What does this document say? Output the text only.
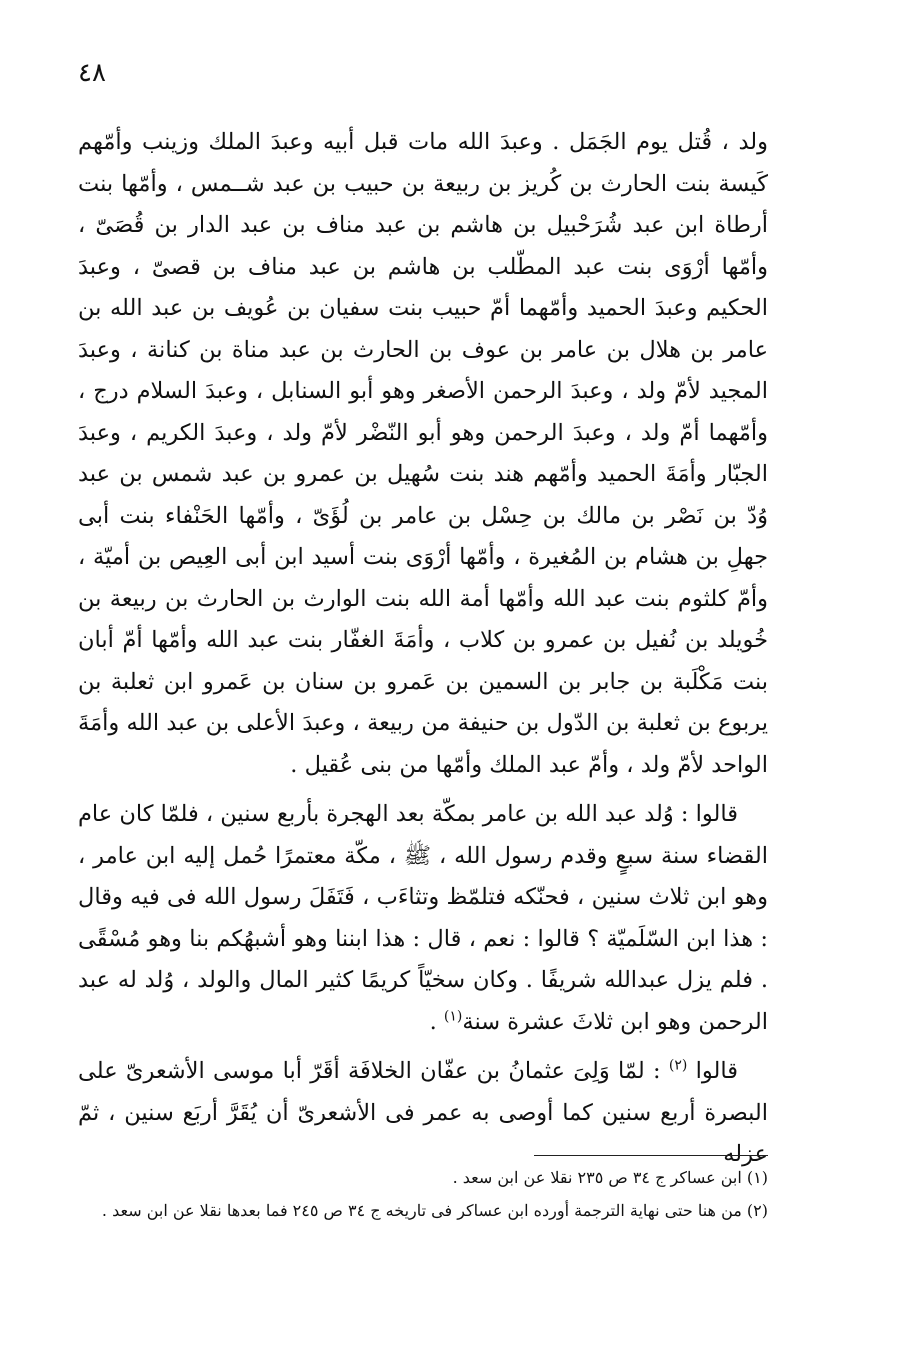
٤٨

ولد ، قُتل يوم الجَمَل . وعبدَ الله مات قبل أبيه وعبدَ الملك وزينب وأمّهم كَيسة بنت الحارث بن كُريز بن ربيعة بن حبيب بن عبد شــمس ، وأمّها بنت أرطاة ابن عبد شُرَحْبيل بن هاشم بن عبد مناف بن عبد الدار بن قُصَىّ ، وأمّها أرْوَى بنت عبد المطّلب بن هاشم بن عبد مناف بن قصىّ ، وعبدَ الحكيم وعبدَ الحميد وأمّهما أمّ حبيب بنت سفيان بن عُويف بن عبد الله بن عامر بن هلال بن عامر بن عوف بن الحارث بن عبد مناة بن كنانة ، وعبدَ المجيد لأمّ ولد ، وعبدَ الرحمن الأصغر وهو أبو السنابل ، وعبدَ السلام درج ، وأمّهما أمّ ولد ، وعبدَ الرحمن وهو أبو النّضْر لأمّ ولد ، وعبدَ الكريم ، وعبدَ الجبّار وأمَةَ الحميد وأمّهم هند بنت سُهيل بن عمرو بن عبد شمس بن عبد وُدّ بن نَصْر بن مالك بن حِسْل بن عامر بن لُؤَىّ ، وأمّها الحَنْفاء بنت أبى جهلِ بن هشام بن المُغيرة ، وأمّها أرْوَى بنت أسيد ابن أبى العِيص بن أميّة ، وأمّ كلثوم بنت عبد الله وأمّها أمة الله بنت الوارث بن الحارث بن ربيعة بن خُويلد بن نُفيل بن عمرو بن كلاب ، وأمَةَ الغفّار بنت عبد الله وأمّها أمّ أبان بنت مَكْلَبة بن جابر بن السمين بن عَمرو بن سنان بن عَمرو ابن ثعلبة بن يربوع بن ثعلبة بن الدّول بن حنيفة من ربيعة ، وعبدَ الأعلى بن عبد الله وأمَةَ الواحد لأمّ ولد ، وأمّ عبد الملك وأمّها من بنى عُقيل .

قالوا : وُلد عبد الله بن عامر بمكّة بعد الهجرة بأربع سنين ، فلمّا كان عام القضاء سنة سبعٍ وقدم رسول الله ، ﷺ ، مكّة معتمرًا حُمل إليه ابن عامر ، وهو ابن ثلاث سنين ، فحنّكه فتلمّظ وتثاءَب ، فَتَفَلَ رسول الله فى فيه وقال : هذا ابن السّلَميّة ؟ قالوا : نعم ، قال : هذا ابننا وهو أشبهُكم بنا وهو مُسْقًى . فلم يزل عبدالله شريفًا . وكان سخيّاً كريمًا كثير المال والولد ، وُلد له عبد الرحمن وهو ابن ثلاثَ عشرة سنة$^{(١)}$ .

قالوا $^{(٢)}$ : لمّا وَلِىَ عثمانُ بن عفّان الخلافَة أقَرّ أبا موسى الأشعرىّ على البصرة أربع سنين كما أوصى به عمر فى الأشعرىّ أن يُقَرَّ أربَع سنين ، ثمّ عزله

(١) ابن عساكر ج ٣٤ ص ٢٣٥ نقلا عن ابن سعد .

(٢) من هنا حتى نهاية الترجمة أورده ابن عساكر فى تاريخه ج ٣٤ ص ٢٤٥ فما بعدها نقلا عن ابن سعد .
